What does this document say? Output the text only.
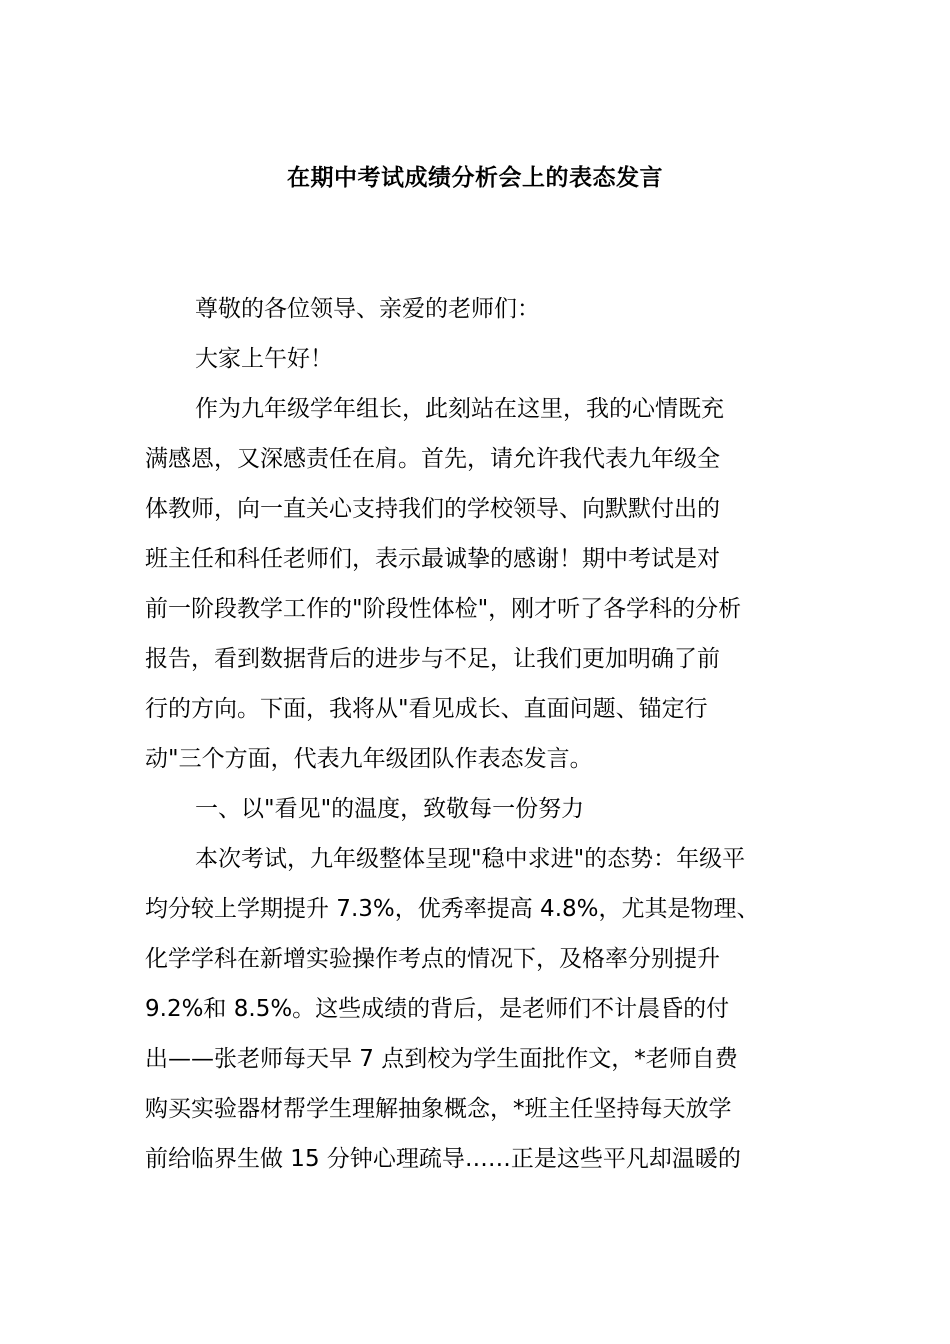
在期中考试成绩分析会上的表态发言
尊敬的各位领导、亲爱的老师们：
大家上午好！
作为九年级学年组长，此刻站在这里，我的心情既充
满感恩，又深感责任在肩。首先，请允许我代表九年级全
体教师，向一直关心支持我们的学校领导、向默默付出的
班主任和科任老师们，表示最诚挚的感谢！期中考试是对
前一阶段教学工作的"阶段性体检"，刚才听了各学科的分析
报告，看到数据背后的进步与不足，让我们更加明确了前
行的方向。下面，我将从"看见成长、直面问题、锚定行
动"三个方面，代表九年级团队作表态发言。
一、以"看见"的温度，致敬每一份努力
本次考试，九年级整体呈现"稳中求进"的态势：年级平
均分较上学期提升 7.3%，优秀率提高 4.8%，尤其是物理、
化学学科在新增实验操作考点的情况下，及格率分别提升
9.2%和 8.5%。这些成绩的背后，是老师们不计晨昏的付
出——张老师每天早 7 点到校为学生面批作文，*老师自费
购买实验器材帮学生理解抽象概念，*班主任坚持每天放学
前给临界生做 15 分钟心理疏导……正是这些平凡却温暖的
